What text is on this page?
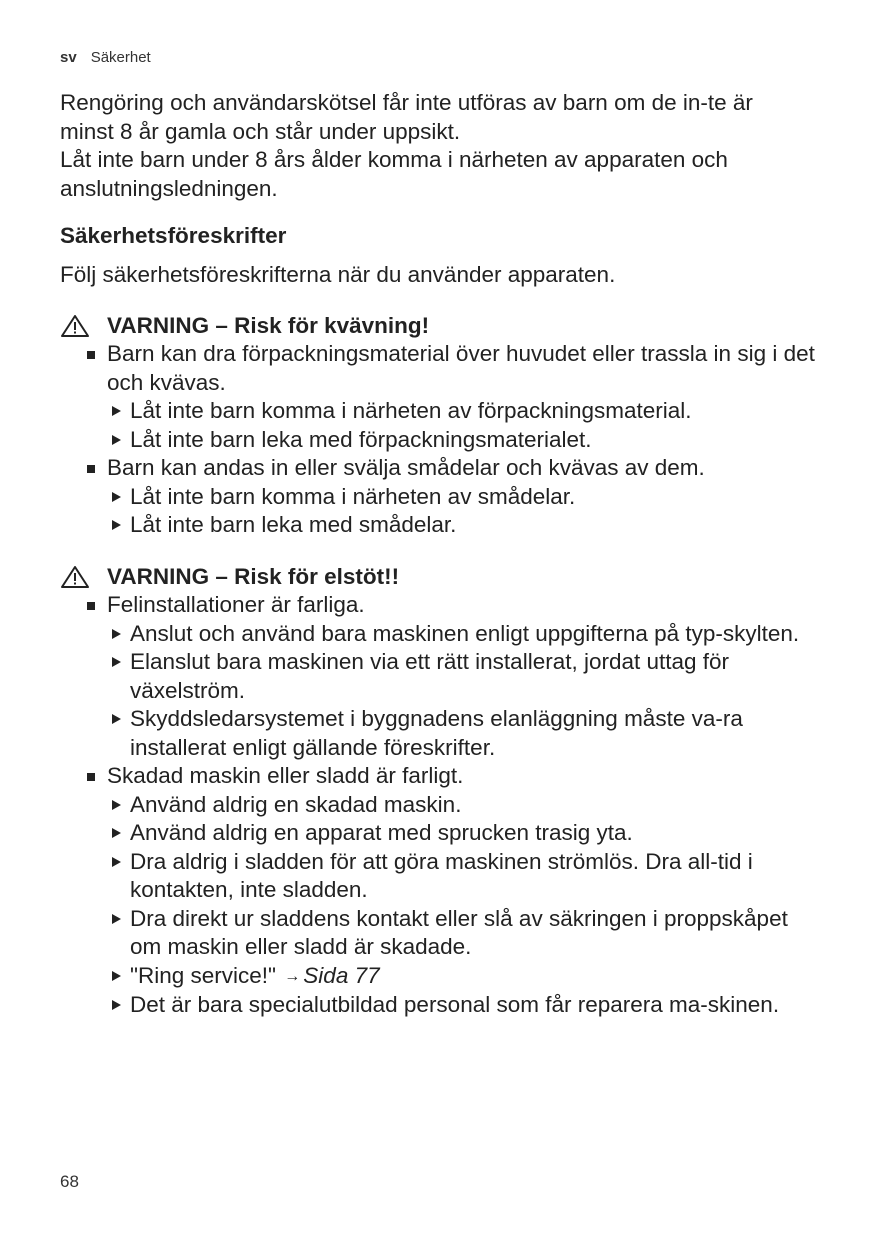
sv Säkerhet

Rengöring och användarskötsel får inte utföras av barn om de in-te är minst 8 år gamla och står under uppsikt.

Låt inte barn under 8 års ålder komma i närheten av apparaten och anslutningsledningen.

Säkerhetsföreskrifter

Följ säkerhetsföreskrifterna när du använder apparaten.

VARNING – Risk för kvävning!
Barn kan dra förpackningsmaterial över huvudet eller trassla in sig i det och kvävas.
Låt inte barn komma i närheten av förpackningsmaterial.
Låt inte barn leka med förpackningsmaterialet.
Barn kan andas in eller svälja smådelar och kvävas av dem.
Låt inte barn komma i närheten av smådelar.
Låt inte barn leka med smådelar.
VARNING – Risk för elstöt!!
Felinstallationer är farliga.
Anslut och använd bara maskinen enligt uppgifterna på typ-skylten.
Elanslut bara maskinen via ett rätt installerat, jordat uttag för växelström.
Skyddsledarsystemet i byggnadens elanläggning måste va-ra installerat enligt gällande föreskrifter.
Skadad maskin eller sladd är farligt.
Använd aldrig en skadad maskin.
Använd aldrig en apparat med sprucken trasig yta.
Dra aldrig i sladden för att göra maskinen strömlös. Dra all-tid i kontakten, inte sladden.
Dra direkt ur sladdens kontakt eller slå av säkringen i proppskåpet om maskin eller sladd är skadade.
"Ring service!" → Sida 77
Det är bara specialutbildad personal som får reparera ma-skinen.
68
